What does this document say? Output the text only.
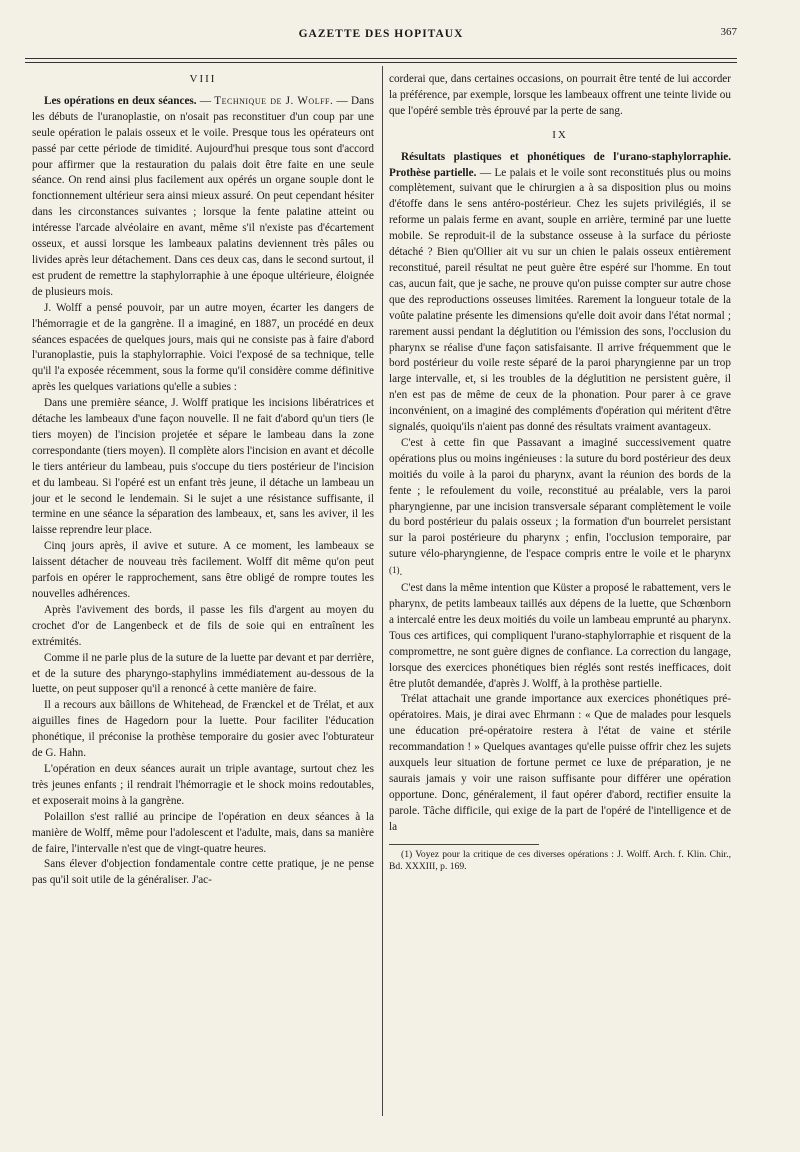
GAZETTE DES HOPITAUX	367
VIII

Les opérations en deux séances. — Technique de J. Wolff. — Dans les débuts de l'uranoplastie, on n'osait pas reconstituer d'un coup par une seule opération le palais osseux et le voile. Presque tous les opérateurs ont passé par cette période de timidité. Aujourd'hui presque tous sont d'accord pour affirmer que la restauration du palais doit être faite en une seule séance. On rend ainsi plus facilement aux opérés un organe souple dont le fonctionnement ultérieur sera ainsi mieux assuré. On peut cependant hésiter dans les circonstances suivantes ; lorsque la fente palatine atteint ou intéresse l'arcade alvéolaire en avant, même s'il n'existe pas d'écartement osseux, et aussi lorsque les lambeaux palatins deviennent très pâles ou livides après leur détachement. Dans ces deux cas, dans le second surtout, il est prudent de remettre la staphylorraphie à une époque ultérieure, éloignée de plusieurs mois.

J. Wolff a pensé pouvoir, par un autre moyen, écarter les dangers de l'hémorragie et de la gangrène. Il a imaginé, en 1887, un procédé en deux séances espacées de quelques jours, mais qui ne consiste pas à faire d'abord l'uranoplastie, puis la staphylorraphie. Voici l'exposé de sa technique, telle qu'il l'a exposée récemment, sous la forme qu'il considère comme définitive après les quelques variations qu'elle a subies :

Dans une première séance, J. Wolff pratique les incisions libératrices et détache les lambeaux d'une façon nouvelle. Il ne fait d'abord qu'un tiers (le tiers moyen) de l'incision projetée et sépare le lambeau dans la zone correspondante (tiers moyen). Il complète alors l'incision en avant et décolle le tiers antérieur du lambeau, puis s'occupe du tiers postérieur de l'incision et du lambeau. Si l'opéré est un enfant très jeune, il détache un lambeau un jour et le second le lendemain. Si le sujet a une résistance suffisante, il termine en une séance la séparation des lambeaux, et, sans les aviver, il les laisse reprendre leur place.

Cinq jours après, il avive et suture. A ce moment, les lambeaux se laissent détacher de nouveau très facilement. Wolff dit même qu'on peut parfois en opérer le rapprochement, sans être obligé de rompre toutes les nouvelles adhérences.

Après l'avivement des bords, il passe les fils d'argent au moyen du crochet d'or de Langenbeck et de fils de soie qui en entraînent les extrémités.

Comme il ne parle plus de la suture de la luette par devant et par derrière, et de la suture des pharyngo-staphylins immédiatement au-dessous de la luette, on peut supposer qu'il a renoncé à cette manière de faire.

Il a recours aux bâillons de Whitehead, de Frænckel et de Trélat, et aux aiguilles fines de Hagedorn pour la luette. Pour faciliter l'éducation phonétique, il préconise la prothèse temporaire du gosier avec l'obturateur de G. Hahn.

L'opération en deux séances aurait un triple avantage, surtout chez les très jeunes enfants ; il rendrait l'hémorragie et le shock moins redoutables, et exposerait moins à la gangrène.

Polaillon s'est rallié au principe de l'opération en deux séances à la manière de Wolff, même pour l'adolescent et l'adulte, mais, dans sa manière de faire, l'intervalle n'est que de vingt-quatre heures.

Sans élever d'objection fondamentale contre cette pratique, je ne pense pas qu'il soit utile de la généraliser. J'ac-

corderai que, dans certaines occasions, on pourrait être tenté de lui accorder la préférence, par exemple, lorsque les lambeaux offrent une teinte livide ou que l'opéré semble très éprouvé par la perte de sang.

IX

Résultats plastiques et phonétiques de l'urano-staphylorraphie. Prothèse partielle. — Le palais et le voile sont reconstitués plus ou moins complètement, suivant que le chirurgien a à sa disposition plus ou moins d'étoffe dans le sens antéro-postérieur. Chez les sujets privilégiés, il se reforme un palais ferme en avant, souple en arrière, terminé par une luette mobile. Se reproduit-il de la substance osseuse à la surface du périoste détaché ? Bien qu'Ollier ait vu sur un chien le palais osseux entièrement reconstitué, pareil résultat ne peut guère être espéré sur l'homme. En tout cas, aucun fait, que je sache, ne prouve qu'on puisse compter sur autre chose que des reproductions osseuses limitées. Rarement la longueur totale de la voûte palatine présente les dimensions qu'elle doit avoir dans l'état normal ; rarement aussi pendant la déglutition ou l'émission des sons, l'occlusion du pharynx se réalise d'une façon satisfaisante. Il arrive fréquemment que le bord postérieur du voile reste séparé de la paroi pharyngienne par un trop large intervalle, et, si les troubles de la déglutition ne persistent guère, il n'en est pas de même de ceux de la phonation. Pour parer à ce grave inconvénient, on a imaginé des compléments d'opération qui méritent d'être signalés, quoiqu'ils n'aient pas donné des résultats vraiment avantageux.

C'est à cette fin que Passavant a imaginé successivement quatre opérations plus ou moins ingénieuses : la suture du bord postérieur des deux moitiés du voile à la paroi du pharynx, avant la réunion des bords de la fente ; le refoulement du voile, reconstitué au préalable, vers la paroi pharyngienne, par une incision transversale séparant complètement le voile du bord postérieur du palais osseux ; la formation d'un bourrelet persistant sur la paroi postérieure du pharynx ; enfin, l'occlusion temporaire, par suture vélo-pharyngienne, de l'espace compris entre le voile et le pharynx (1).

C'est dans la même intention que Küster a proposé le rabattement, vers le pharynx, de petits lambeaux taillés aux dépens de la luette, que Schœnborn a intercalé entre les deux moitiés du voile un lambeau emprunté au pharynx. Tous ces artifices, qui compliquent l'urano-staphylorraphie et risquent de la compromettre, ne sont guère dignes de confiance. La correction du langage, lorsque des exercices phonétiques bien réglés sont restés inefficaces, doit être plutôt demandée, d'après J. Wolff, à la prothèse partielle.

Trélat attachait une grande importance aux exercices phonétiques pré-opératoires. Mais, je dirai avec Ehrmann : « Que de malades pour lesquels une éducation pré-opératoire restera à l'état de vaine et stérile recommandation ! » Quelques avantages qu'elle puisse offrir chez les sujets auxquels leur situation de fortune permet ce luxe de préparation, je ne saurais jamais y voir une raison suffisante pour différer une opération opportune. Donc, généralement, il faut opérer d'abord, rectifier ensuite la parole. Tâche difficile, qui exige de la part de l'opéré de l'intelligence et de la

(1) Voyez pour la critique de ces diverses opérations : J. Wolff. Arch. f. Klin. Chir., Bd. XXXIII, p. 169.
